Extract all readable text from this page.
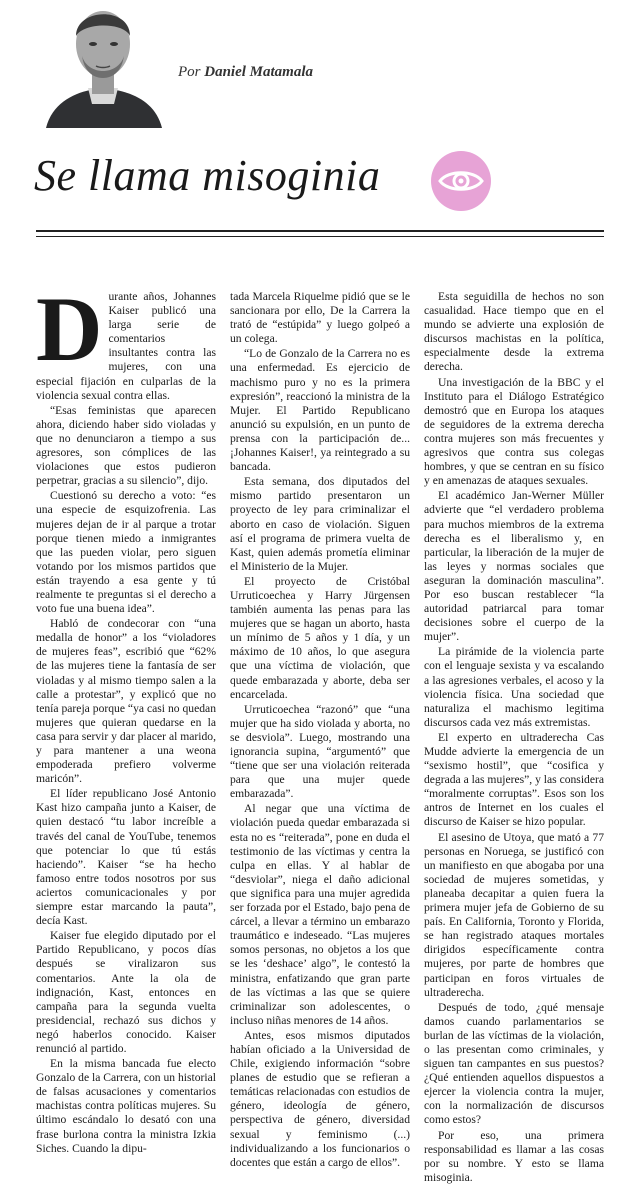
Por Daniel Matamala
Se llama misoginia
D urante años, Johannes Kaiser publicó una larga serie de comentarios insultantes contra las mujeres, con una especial fijación en culparlas de la violencia sexual contra ellas.

“Esas feministas que aparecen ahora, diciendo haber sido violadas y que no denunciaron a tiempo a sus agresores, son cómplices de las violaciones que estos pudieron perpetrar, gracias a su silencio”, dijo.

Cuestionó su derecho a voto: “es una especie de esquizofrenia. Las mujeres dejan de ir al parque a trotar porque tienen miedo a inmigrantes que las pueden violar, pero siguen votando por los mismos partidos que están trayendo a esa gente y tú realmente te preguntas si el derecho a voto fue una buena idea”.

Habló de condecorar con “una medalla de honor” a los “violadores de mujeres feas”, escribió que “62% de las mujeres tiene la fantasía de ser violadas y al mismo tiempo salen a la calle a protestar”, y explicó que no tenía pareja porque “ya casi no quedan mujeres que quieran quedarse en la casa para servir y dar placer al marido, y para mantener a una weona empoderada prefiero volverme maricón”.

El líder republicano José Antonio Kast hizo campaña junto a Kaiser, de quien destacó “tu labor increíble a través del canal de YouTube, tenemos que potenciar lo que tú estás haciendo”. Kaiser “se ha hecho famoso entre todos nosotros por sus aciertos comunicacionales y por siempre estar marcando la pauta”, decía Kast.

Kaiser fue elegido diputado por el Partido Republicano, y pocos días después se viralizaron sus comentarios. Ante la ola de indignación, Kast, entonces en campaña para la segunda vuelta presidencial, rechazó sus dichos y negó haberlos conocido. Kaiser renunció al partido.

En la misma bancada fue electo Gonzalo de la Carrera, con un historial de falsas acusaciones y comentarios machistas contra políticas mujeres. Su último escándalo lo desató con una frase burlona contra la ministra Izkia Siches. Cuando la dipu-

tada Marcela Riquelme pidió que se le sancionara por ello, De la Carrera la trató de “estúpida” y luego golpeó a un colega.

“Lo de Gonzalo de la Carrera no es una enfermedad. Es ejercicio de machismo puro y no es la primera expresión”, reaccionó la ministra de la Mujer. El Partido Republicano anunció su expulsión, en un punto de prensa con la participación de... ¡Johannes Kaiser!, ya reintegrado a su bancada.

Esta semana, dos diputados del mismo partido presentaron un proyecto de ley para criminalizar el aborto en caso de violación. Siguen así el programa de primera vuelta de Kast, quien además prometía eliminar el Ministerio de la Mujer.

El proyecto de Cristóbal Urruticoechea y Harry Jürgensen también aumenta las penas para las mujeres que se hagan un aborto, hasta un mínimo de 5 años y 1 día, y un máximo de 10 años, lo que asegura que una víctima de violación, que quede embarazada y aborte, deba ser encarcelada.

Urruticoechea “razonó” que “una mujer que ha sido violada y aborta, no se desviola”. Luego, mostrando una ignorancia supina, “argumentó” que “tiene que ser una violación reiterada para que una mujer quede embarazada”.

Al negar que una víctima de violación pueda quedar embarazada si esta no es “reiterada”, pone en duda el testimonio de las víctimas y centra la culpa en ellas. Y al hablar de “desviolar”, niega el daño adicional que significa para una mujer agredida ser forzada por el Estado, bajo pena de cárcel, a llevar a término un embarazo traumático e indeseado. “Las mujeres somos personas, no objetos a los que se les ‘deshace’ algo”, le contestó la ministra, enfatizando que gran parte de las víctimas a las que se quiere criminalizar son adolescentes, o incluso niñas menores de 14 años.

Antes, esos mismos diputados habían oficiado a la Universidad de Chile, exigiendo información “sobre planes de estudio que se refieran a temáticas relacionadas con estudios de género, ideología de género, perspectiva de género, diversidad sexual y feminismo (...) individualizando a los funcionarios o docentes que están a cargo de ellos”.

Esta seguidilla de hechos no son casualidad. Hace tiempo que en el mundo se advierte una explosión de discursos machistas en la política, especialmente desde la extrema derecha.

Una investigación de la BBC y el Instituto para el Diálogo Estratégico demostró que en Europa los ataques de seguidores de la extrema derecha contra mujeres son más frecuentes y agresivos que contra sus colegas hombres, y que se centran en su físico y en amenazas de ataques sexuales.

El académico Jan-Werner Müller advierte que “el verdadero problema para muchos miembros de la extrema derecha es el liberalismo y, en particular, la liberación de la mujer de las leyes y normas sociales que aseguran la dominación masculina”. Por eso buscan restablecer “la autoridad patriarcal para tomar decisiones sobre el cuerpo de la mujer”.

La pirámide de la violencia parte con el lenguaje sexista y va escalando a las agresiones verbales, el acoso y la violencia física. Una sociedad que naturaliza el machismo legitima discursos cada vez más extremistas.

El experto en ultraderecha Cas Mudde advierte la emergencia de un “sexismo hostil”, que “cosifica y degrada a las mujeres”, y las considera “moralmente corruptas”. Esos son los antros de Internet en los cuales el discurso de Kaiser se hizo popular.

El asesino de Utoya, que mató a 77 personas en Noruega, se justificó con un manifiesto en que abogaba por una sociedad de mujeres sometidas, y planeaba decapitar a quien fuera la primera mujer jefa de Gobierno de su país. En California, Toronto y Florida, se han registrado ataques mortales dirigidos específicamente contra mujeres, por parte de hombres que participan en foros virtuales de ultraderecha.

Después de todo, ¿qué mensaje damos cuando parlamentarios se burlan de las víctimas de la violación, o las presentan como criminales, y siguen tan campantes en sus puestos? ¿Qué entienden aquellos dispuestos a ejercer la violencia contra la mujer, con la normalización de discursos como estos?

Por eso, una primera responsabilidad es llamar a las cosas por su nombre. Y esto se llama misoginia.
